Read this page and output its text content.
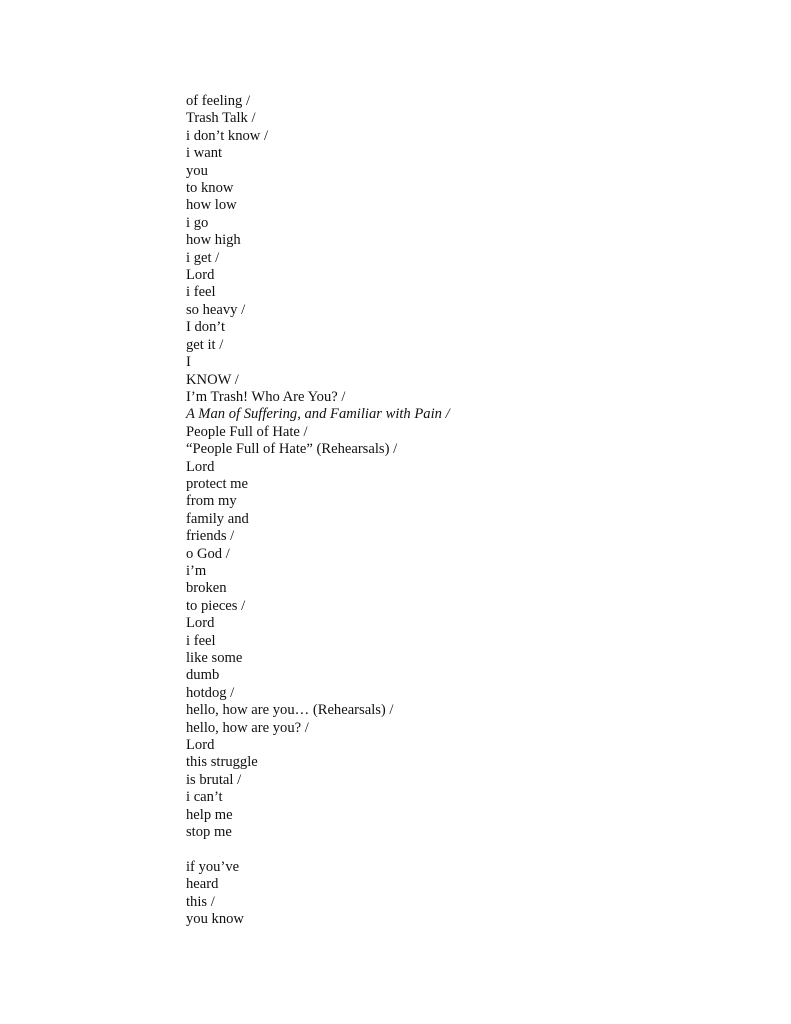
of feeling /
Trash Talk /
i don’t know /
i want
you
to know
how low
i go
how high
i get /
Lord
i feel
so heavy /
I don’t
get it /
I
KNOW /
I’m Trash! Who Are You? /
A Man of Suffering, and Familiar with Pain /
People Full of Hate /
“People Full of Hate” (Rehearsals) /
Lord
protect me
from my
family and
friends /
o God /
i’m
broken
to pieces /
Lord
i feel
like some
dumb
hotdog /
hello, how are you… (Rehearsals) /
hello, how are you? /
Lord
this struggle
is brutal /
i can’t
help me
stop me
if you’ve
heard
this /
you know
